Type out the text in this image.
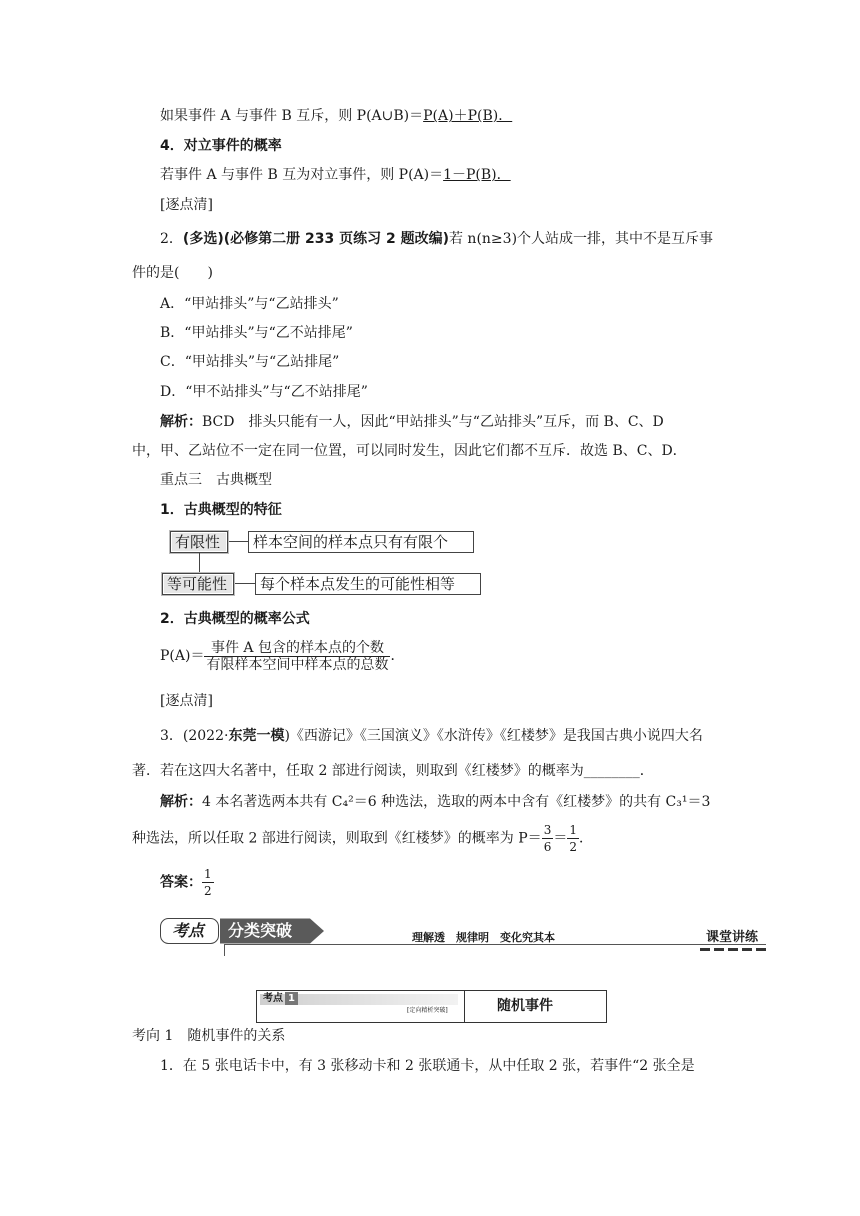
如果事件 A 与事件 B 互斥，则 P(A∪B)＝P(A)＋P(B)．
4．对立事件的概率
若事件 A 与事件 B 互为对立事件，则 P(A)＝1－P(B)．
[逐点清]
2．(多选)(必修第二册 233 页练习 2 题改编)若 n(n≥3)个人站成一排，其中不是互斥事
件的是(　　)
A．“甲站排头”与“乙站排头”
B．“甲站排头”与“乙不站排尾”
C．“甲站排头”与“乙站排尾”
D．“甲不站排头”与“乙不站排尾”
解析：BCD　排头只能有一人，因此“甲站排头”与“乙站排头”互斥，而 B、C、D
中，甲、乙站位不一定在同一位置，可以同时发生，因此它们都不互斥．故选 B、C、D．
重点三　古典概型
1．古典概型的特征
有限性	样本空间的样本点只有有限个
等可能性	每个样本点发生的可能性相等
2．古典概型的概率公式
$P(A)= \frac{\text{事件 A 包含的样本点的个数}}{\text{有限样本空间中样本点的总数}}$ ．
[逐点清]
3．(2022·东莞一模)《西游记》《三国演义》《水浒传》《红楼梦》是我国古典小说四大名
著．若在这四大名著中，任取 2 部进行阅读，则取到《红楼梦》的概率为________．
解析：4 本名著选两本共有 C₄²＝6 种选法，选取的两本中含有《红楼梦》的共有 C₃¹＝3
种选法，所以任取 2 部进行阅读，则取到《红楼梦》的概率为 $P= \frac{3}{6} = \frac{1}{2}$ ．
答案： $\frac{1}{2}$
考点 分类突破	理解透　规律明　变化究其本	课堂讲练
考点 1
[定向精析突破]	随机事件
考向 1　随机事件的关系
1．在 5 张电话卡中，有 3 张移动卡和 2 张联通卡，从中任取 2 张，若事件“2 张全是
